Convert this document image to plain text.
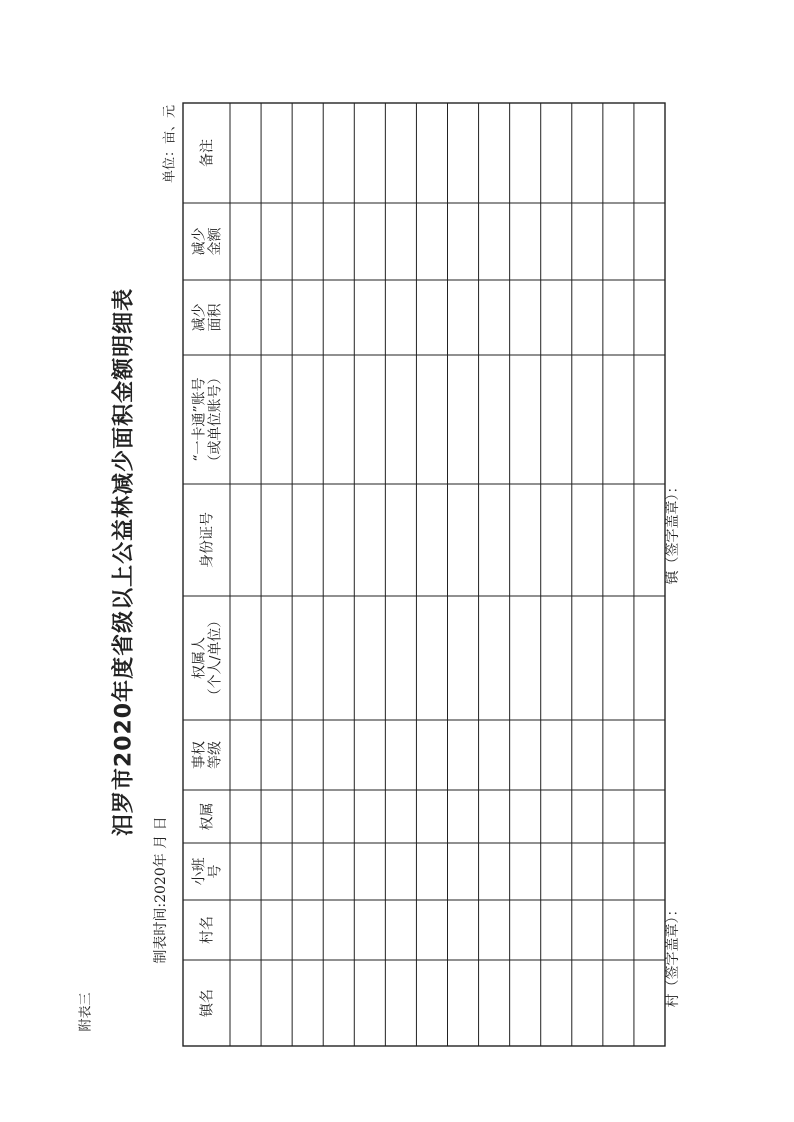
附表三
汨罗市2020年度省级以上公益林减少面积金额明细表
制表时间:2020年 月 日
单位：亩、元
村（签字盖章）：
镇（签字盖章）：
镇名
村名
小班号
权属
事权等级
权属人（个人/单位）
身份证号
“一卡通”账号（或单位账号）
减少面积
减少金额
备注
